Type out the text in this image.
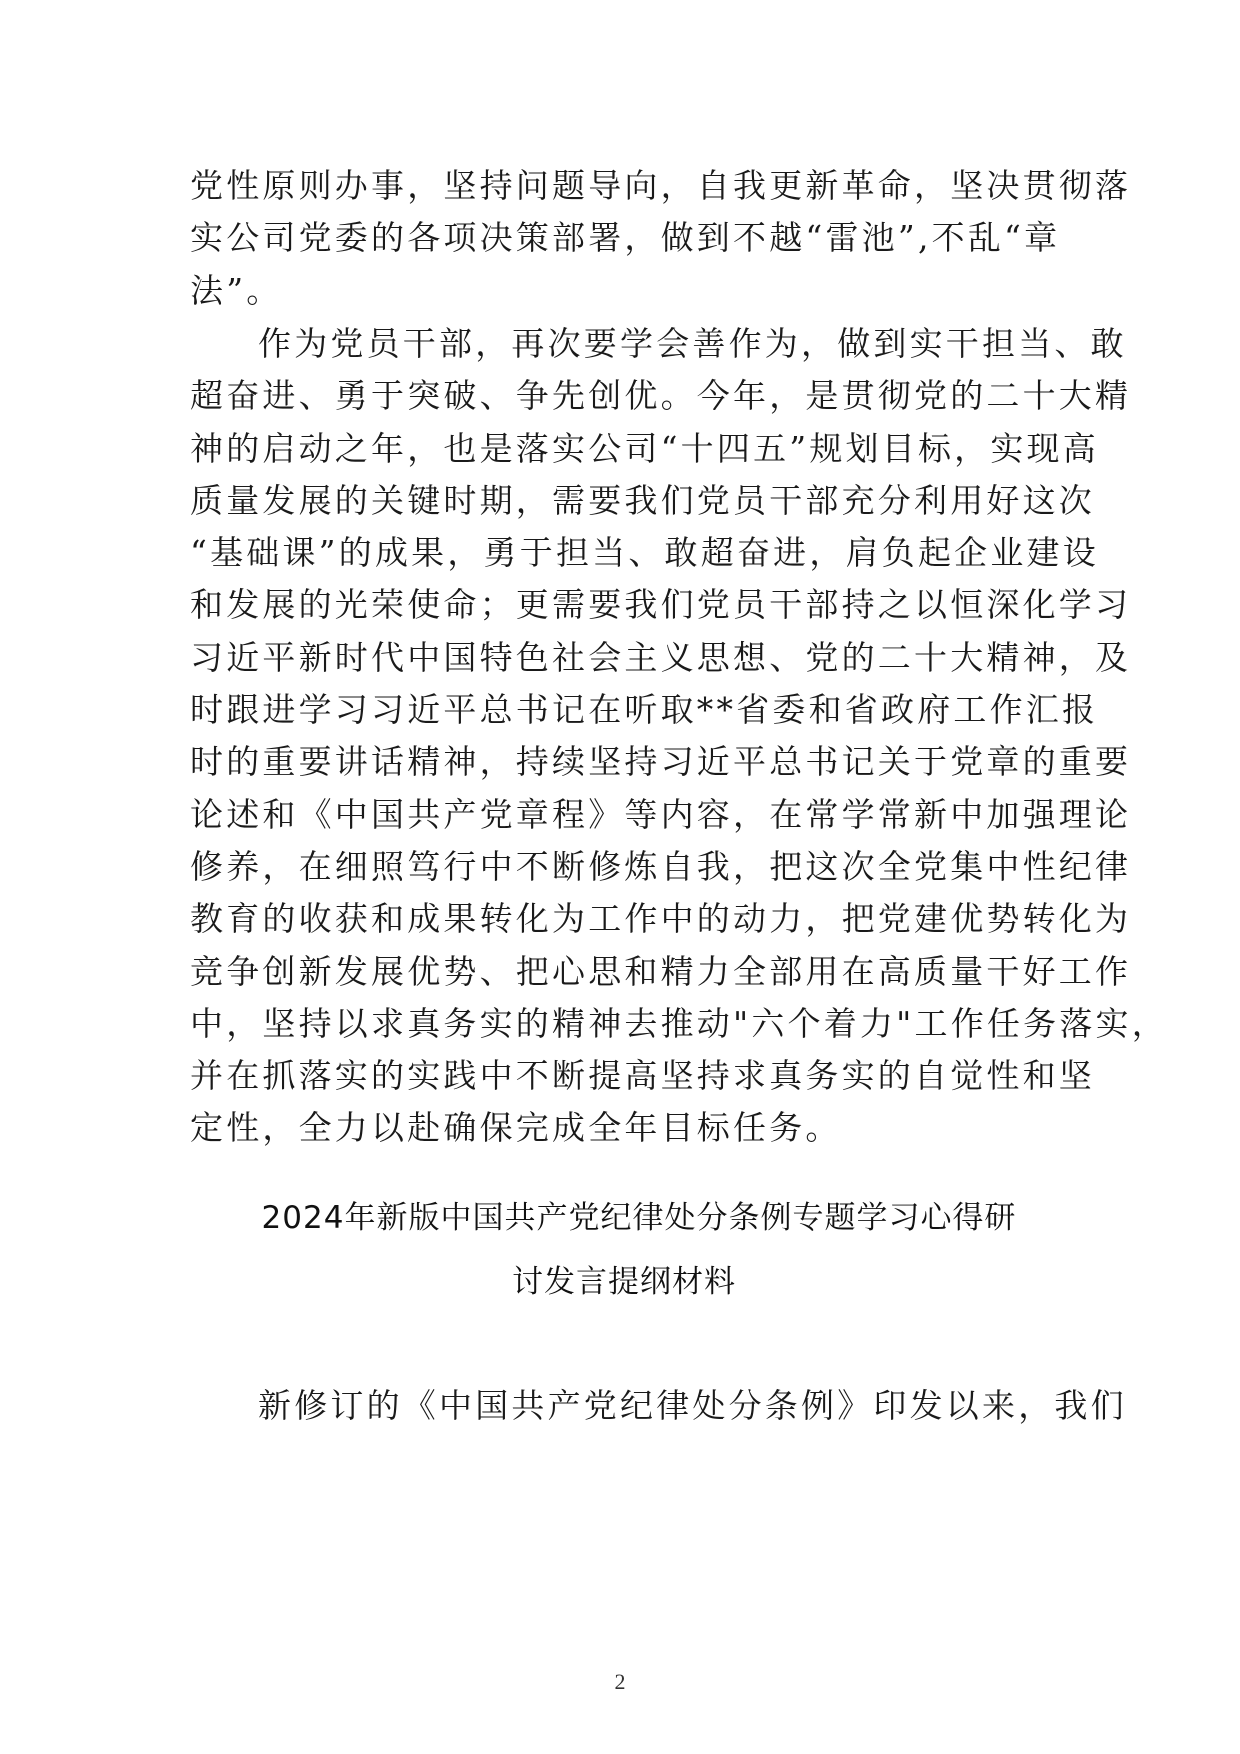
党性原则办事，坚持问题导向，自我更新革命，坚决贯彻落
实公司党委的各项决策部署，做到不越“雷池”,不乱“章
法”。
作为党员干部，再次要学会善作为，做到实干担当、敢
超奋进、勇于突破、争先创优。今年，是贯彻党的二十大精
神的启动之年，也是落实公司“十四五”规划目标，实现高
质量发展的关键时期，需要我们党员干部充分利用好这次
“基础课”的成果，勇于担当、敢超奋进，肩负起企业建设
和发展的光荣使命；更需要我们党员干部持之以恒深化学习
习近平新时代中国特色社会主义思想、党的二十大精神，及
时跟进学习习近平总书记在听取**省委和省政府工作汇报
时的重要讲话精神，持续坚持习近平总书记关于党章的重要
论述和《中国共产党章程》等内容，在常学常新中加强理论
修养，在细照笃行中不断修炼自我，把这次全党集中性纪律
教育的收获和成果转化为工作中的动力，把党建优势转化为
竞争创新发展优势、把心思和精力全部用在高质量干好工作
中，坚持以求真务实的精神去推动"六个着力"工作任务落实，
并在抓落实的实践中不断提高坚持求真务实的自觉性和坚
定性，全力以赴确保完成全年目标任务。
2024年新版中国共产党纪律处分条例专题学习心得研
讨发言提纲材料
新修订的《中国共产党纪律处分条例》印发以来，我们
2
